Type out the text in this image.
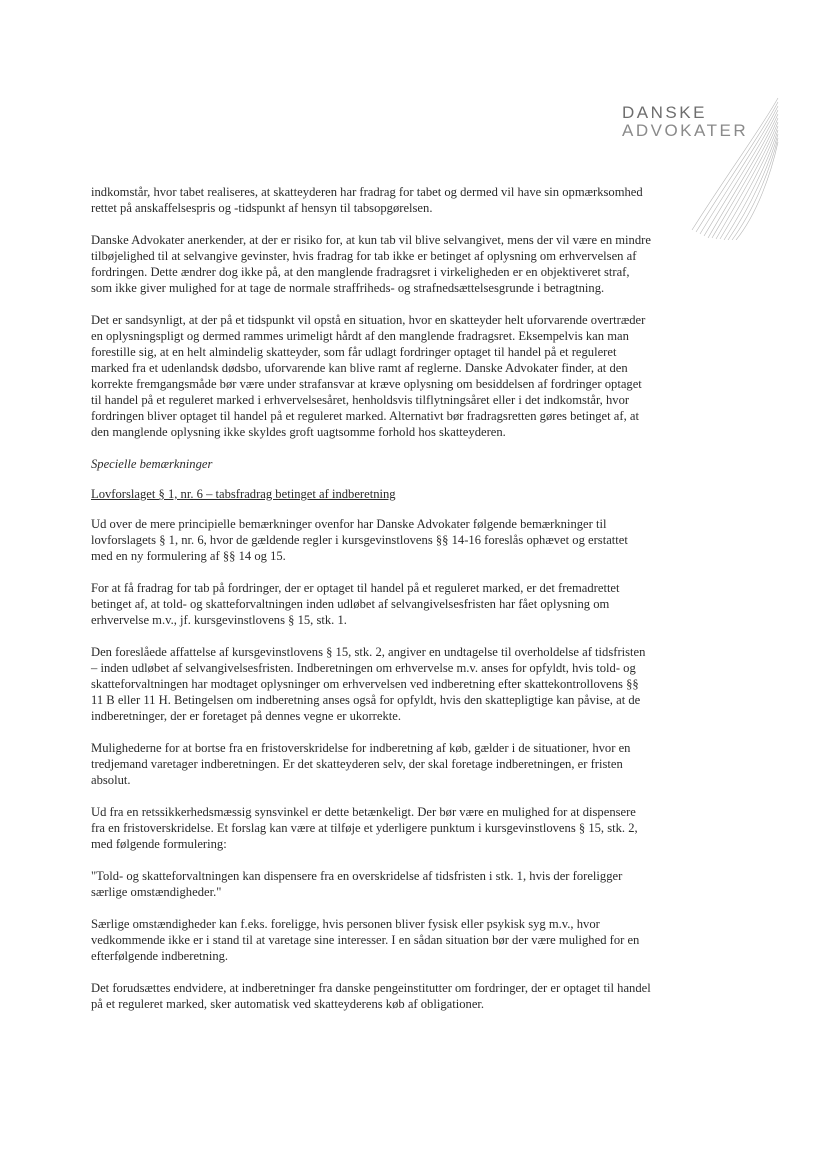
DANSKE
ADVOKATER

indkomstår, hvor tabet realiseres, at skatteyderen har fradrag for tabet og dermed vil have sin opmærksomhed rettet på anskaffelsespris og -tidspunkt af hensyn til tabsopgørelsen.

Danske Advokater anerkender, at der er risiko for, at kun tab vil blive selvangivet, mens der vil være en mindre tilbøjelighed til at selvangive gevinster, hvis fradrag for tab ikke er betinget af oplysning om erhvervelsen af fordringen. Dette ændrer dog ikke på, at den manglende fradragsret i virkeligheden er en objektiveret straf, som ikke giver mulighed for at tage de normale straffriheds- og strafnedsættelsesgrunde i betragtning.

Det er sandsynligt, at der på et tidspunkt vil opstå en situation, hvor en skatteyder helt uforvarende overtræder en oplysningspligt og dermed rammes urimeligt hårdt af den manglende fradragsret. Eksempelvis kan man forestille sig, at en helt almindelig skatteyder, som får udlagt fordringer optaget til handel på et reguleret marked fra et udenlandsk dødsbo, uforvarende kan blive ramt af reglerne. Danske Advokater finder, at den korrekte fremgangsmåde bør være under strafansvar at kræve oplysning om besiddelsen af fordringer optaget til handel på et reguleret marked i erhvervelsesåret, henholdsvis tilflytningsåret eller i det indkomstår, hvor fordringen bliver optaget til handel på et reguleret marked. Alternativt bør fradragsretten gøres betinget af, at den manglende oplysning ikke skyldes groft uagtsomme forhold hos skatteyderen.

Specielle bemærkninger
Lovforslaget § 1, nr. 6 – tabsfradrag betinget af indberetning

Ud over de mere principielle bemærkninger ovenfor har Danske Advokater følgende bemærkninger til lovforslagets § 1, nr. 6, hvor de gældende regler i kursgevinstlovens §§ 14-16 foreslås ophævet og erstattet med en ny formulering af §§ 14 og 15.

For at få fradrag for tab på fordringer, der er optaget til handel på et reguleret marked, er det fremadrettet betinget af, at told- og skatteforvaltningen inden udløbet af selvangivelsesfristen har fået oplysning om erhvervelse m.v., jf. kursgevinstlovens § 15, stk. 1.

Den foreslåede affattelse af kursgevinstlovens § 15, stk. 2, angiver en undtagelse til overholdelse af tidsfristen – inden udløbet af selvangivelsesfristen. Indberetningen om erhvervelse m.v. anses for opfyldt, hvis told- og skatteforvaltningen har modtaget oplysninger om erhvervelsen ved indberetning efter skattekontrollovens §§ 11 B eller 11 H. Betingelsen om indberetning anses også for opfyldt, hvis den skattepligtige kan påvise, at de indberetninger, der er foretaget på dennes vegne er ukorrekte.

Mulighederne for at bortse fra en fristoverskridelse for indberetning af køb, gælder i de situationer, hvor en tredjemand varetager indberetningen. Er det skatteyderen selv, der skal foretage indberetningen, er fristen absolut.

Ud fra en retssikkerhedsmæssig synsvinkel er dette betænkeligt. Der bør være en mulighed for at dispensere fra en fristoverskridelse. Et forslag kan være at tilføje et yderligere punktum i kursgevinstlovens § 15, stk. 2, med følgende formulering:

"Told- og skatteforvaltningen kan dispensere fra en overskridelse af tidsfristen i stk. 1, hvis der foreligger særlige omstændigheder."

Særlige omstændigheder kan f.eks. foreligge, hvis personen bliver fysisk eller psykisk syg m.v., hvor vedkommende ikke er i stand til at varetage sine interesser. I en sådan situation bør der være mulighed for en efterfølgende indberetning.

Det forudsættes endvidere, at indberetninger fra danske pengeinstitutter om fordringer, der er optaget til handel på et reguleret marked, sker automatisk ved skatteyderens køb af obligationer.
